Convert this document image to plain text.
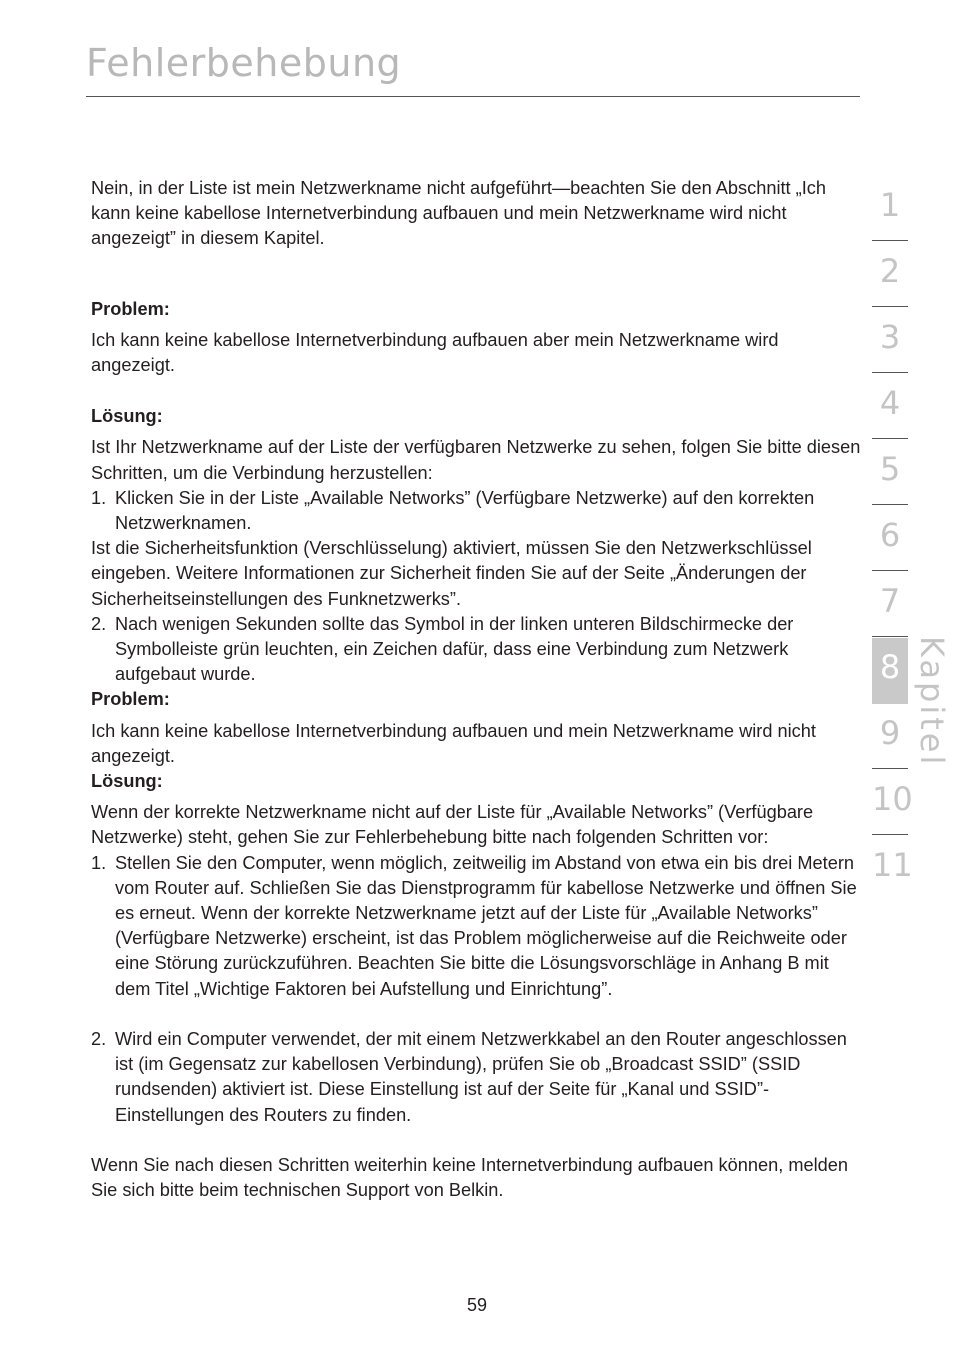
Fehlerbehebung

Nein, in der Liste ist mein Netzwerkname nicht aufgeführt—beachten Sie den Abschnitt „Ich kann keine kabellose Internetverbindung aufbauen und mein Netzwerkname wird nicht angezeigt” in diesem Kapitel.

Problem:

Ich kann keine kabellose Internetverbindung aufbauen aber mein Netzwerkname wird angezeigt.

Lösung:

Ist Ihr Netzwerkname auf der Liste der verfügbaren Netzwerke zu sehen, folgen Sie bitte diesen Schritten, um die Verbindung herzustellen:

1. Klicken Sie in der Liste „Available Networks” (Verfügbare Netzwerke) auf den korrekten Netzwerknamen.

Ist die Sicherheitsfunktion (Verschlüsselung) aktiviert, müssen Sie den Netzwerkschlüssel eingeben. Weitere Informationen zur Sicherheit finden Sie auf der Seite „Änderungen der Sicherheitseinstellungen des Funknetzwerks”.

2. Nach wenigen Sekunden sollte das Symbol in der linken unteren Bildschirmecke der Symbolleiste grün leuchten, ein Zeichen dafür, dass eine Verbindung zum Netzwerk aufgebaut wurde.

Problem:

Ich kann keine kabellose Internetverbindung aufbauen und mein Netzwerkname wird nicht angezeigt.

Lösung:

Wenn der korrekte Netzwerkname nicht auf der Liste für „Available Networks” (Verfügbare Netzwerke) steht, gehen Sie zur Fehlerbehebung bitte nach folgenden Schritten vor:

1. Stellen Sie den Computer, wenn möglich, zeitweilig im Abstand von etwa ein bis drei Metern vom Router auf. Schließen Sie das Dienstprogramm für kabellose Netzwerke und öffnen Sie es erneut. Wenn der korrekte Netzwerkname jetzt auf der Liste für „Available Networks” (Verfügbare Netzwerke) erscheint, ist das Problem möglicherweise auf die Reichweite oder eine Störung zurückzuführen. Beachten Sie bitte die Lösungsvorschläge in Anhang B mit dem Titel „Wichtige Faktoren bei Aufstellung und Einrichtung”.
2. Wird ein Computer verwendet, der mit einem Netzwerkkabel an den Router angeschlossen ist (im Gegensatz zur kabellosen Verbindung), prüfen Sie ob „Broadcast SSID” (SSID rundsenden) aktiviert ist. Diese Einstellung ist auf der Seite für „Kanal und SSID”-Einstellungen des Routers zu finden.

Wenn Sie nach diesen Schritten weiterhin keine Internetverbindung aufbauen können, melden Sie sich bitte beim technischen Support von Belkin.

1
2
3
4
5
6
7
8
9
10
11
Kapitel
59
